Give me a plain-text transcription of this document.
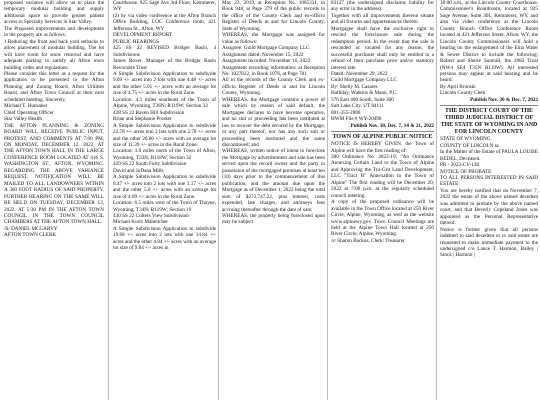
proposed variance will allow us to place the temporary modular building and supply additional space to provide greater patient access to Specialty Services in Star Valley.

The Proposed improvements and development to the property are as follows:

1.Reducing the front and back yard setbacks to allow placement of modular building. The lot will have room for snow removal and have adequate parking to satisfy all Afton town building codes and regulations.

Please consider this letter as a request for the application to be presented to the Afton Planning and Zoning Board, Afton Utilities Board, and Afton Town Council at their next scheduled meeting. Sincerely,

Michael T. Hunsaker

Chief Operating Officer

Star Valley Health

THE AFTON PLANNING & ZONING BOARD WILL RECEIVE PUBLIC INPUT, PROTEST, AND COMMENTS AT 7:00 PM, ON MONDAY, DECEMBER 12, 2022, AT THE AFTON TOWN HALL IN THE LARGE CONFERENCE ROOM LOCATED AT 416 S. WASHINGTON ST., AFTON, WYOMING. REGARDING THE ABOVE VARIANCE REQUEST. NOTIFICATION WILL BE MAILED TO ALL LANDOWNERS WITHIN A 300 FOOT RADIUS OF SAID PROPERTY. FURTHER HEARING ON THE SAME WILL BE HELD ON TUESDAY, DECEMBER 13, 2022, AT 5:30 PM IN THE AFTON TOWN COUNCIL IN THE TOWN COUNCIL CHAMBERS AT THE AFTON TOWN HALL.

/S/ DANIEL MCGARVY

AFTON TOWN CLERK

Courthouse, 925 Sage Ave 3rd Floor, Kemmerer, WY

(2) by via video conference at the Afton Branch Office Building, LOC Conference room, 421 Jefferson St., Afton, WY

DEVELOPMENT REPORT

PUBLIC HEARINGS

425 SS 22 REVISED Bridger Basin, 4 Subdivisions

James Boxer, Manager of the Bridger Basin Revocable Trust

A Simple Subdivision Application to subdivide 9.09 +/- acres into 2 lots with one 4.48 +/- acres and the other 5.01 +/- acres with an average lot size of 4.75 +/- acres in the Rural Zone.

Location: 4.5 miles southeast of the Town of Alpine, Wyoming, T36N; R119W; Section 32

428 SS 22 Raven Hill Subdivision

Brian and Stephanie Prosser

A Simple Subdivision Application to subdivide 22.78 +/- acres into 2 lots with one 2.78 +/- acres and the other 20.00 +/- acres with an average lot size of 11.39 +/- acres in the Rural Zone.

Location: 3.0 miles north of the Town of Afton, Wyoming, T33N; R118W; Section 32

429 SS 22 South Forty Subdivision

David and JoDana Mills

A Simple Subdivision Application to subdivide 8.47 +/- acres into 2 lots with one 3.17 +/- acres and the other 5.0 +/- acres with an average lot size of 4.09 +/- acres in the Rural Zone.

Location: 6.5 miles west of the Town of Thayne, Wyoming, T34N; R119W; Section 19

430 SS 22 Colters View Subdivision

Michael Kurtz Mabeitcher

A Simple Subdivision Application to subdivide 19.68 +/- acres into 2 lots with one 14.84 +/- acres and the other 4.84 +/- acres with an average lot size of 9.84 +/- acres in

May 23, 2019, at Reception No. 1005331, in Book 948, at Page 379 of the public records in the office of the County Clerk and ex-officio Register of Deeds in and for Lincoln County, State of Wyoming.

WHEREAS, the Mortgage was assigned for value as follows:

Assignee: Guild Mortgage Company LLC

Assignment dated: November 15, 2022

Assignment recorded: November 16, 2022

Assignment recording information: at Reception No. 1027822, in Book 1076, at Page 781

All in the records of the County Clerk and ex-officio Register of Deeds in and for Lincoln County, Wyoming.

WHEREAS, the Mortgage contains a power of sale which by reason of said default, the Mortgagee declares to have become operative, and no suit or proceeding has been instituted at law to recover the debt secured by the Mortgage, or any part thereof, nor has any such suit or proceeding been instituted and the same discontinued; and

WHEREAS, written notice of intent to foreclose the Mortgage by advertisement and sale has been served upon the record owner and the party in possession of the mortgaged premises at least ten (10) days prior to the commencement of this publication, and the amount due upon the Mortgage as of December 1, 2022 being the total sum of $272,747.22, plus interest, costs expended, late charges, and attorneys fees accruing thereafter through the date of sale;

WHEREAS, the property being foreclosed upon may be subject

83127 (the undersigned disclaims liability for any error in the address).

Together with all improvements thereon situate and all fixtures and appurtenances thereto.

Mortgagee shall have the exclusive right to rescind the foreclosure sale during the redemption period. In the event that the sale is rescinded or vacated for any reason, the successful purchaser shall only be entitled to a refund of their purchase price and/or statutory interest rate.

Dated: November 29, 2022

Guild Mortgage Company LLC

By: Shelly M. Casares

Halliday, Watkins & Mann, P.C.

376 East 400 South, Suite 300

Salt Lake City, UT 84111

801-355-2886

HWM File # WY-20498

Publish Nov. 30, Dec. 7, 14 & 21, 2022
TOWN OF ALPINE PUBLIC NOTICE

NOTICE IS HEREBY GIVEN, the Town of Alpine will have the first reading of:

300 Ordinance No. 2022-19; "An Ordinance Annexing Certain Land to the Town of Alpine and Approving the Tru-Grit Land Development, LLC "Tract B" Annexation to the Town of Alpine" The first reading will be December 20, 2022 at 7:00 p.m. at the regularly scheduled council meeting.

A copy of the proposed ordinance will be available in the Town Office located at 250 River Circle, Alpine, Wyoming, as well as the website www.alpinewy.gov. Town Council Meetings are held at the Alpine Town Hall located at 250 River Circle, Alpine, Wyoming.

/s/ Sharon Backus, Clerk/ Treasurer

10:00 a.m., at the Lincoln County Courthouse, Commissioner's Boardroom, located at 925 Sage Avenue, Suite 301, Kemmerer, WY, and also via video conference at the Lincoln County Branch Office Conference Room located at 421 Jefferson Street, Afton, WY, the Lincoln County Commissioners will hold a hearing on the enlargement of the Etna Water & Sewer District to include the following: Robert and Sherie Sumrall, the 2882 Trust (NW4 SE4 T35N R119W). All interested persons may appear at said hearing and be heard.

By April Brunski

Lincoln County Clerk

Publish Nov. 30 & Dec. 7, 2022
THE DISTRICT COURT OF THE THIRD JUDICIAL DISTRICT OF THE STATE OF WYOMING IN AND FOR LINCOLN COUNTY

STATE OF WYOMING

COUNTY OF LINCOLN ss

In the Matter of the Estate of PAULA LOUISE BEDEL, Deceased.

PR - 2022-CV-138

NOTICE OF PROBATE

TO ALL PERSONS INTERESTED IN SAID ESTATE:

You are hereby notified that on November 7, 2022 the estate of the above named decedent was admitted to probate by the above named court, and that Beverly Copeland Jones was appointed as the Personal Representative thereof.

Notice is further given that all persons indebted to said decedent or to said estate are requested to make immediate payment to the undersigned c/o Lance T. Harmon, Bailey | Stock | Harmon |
